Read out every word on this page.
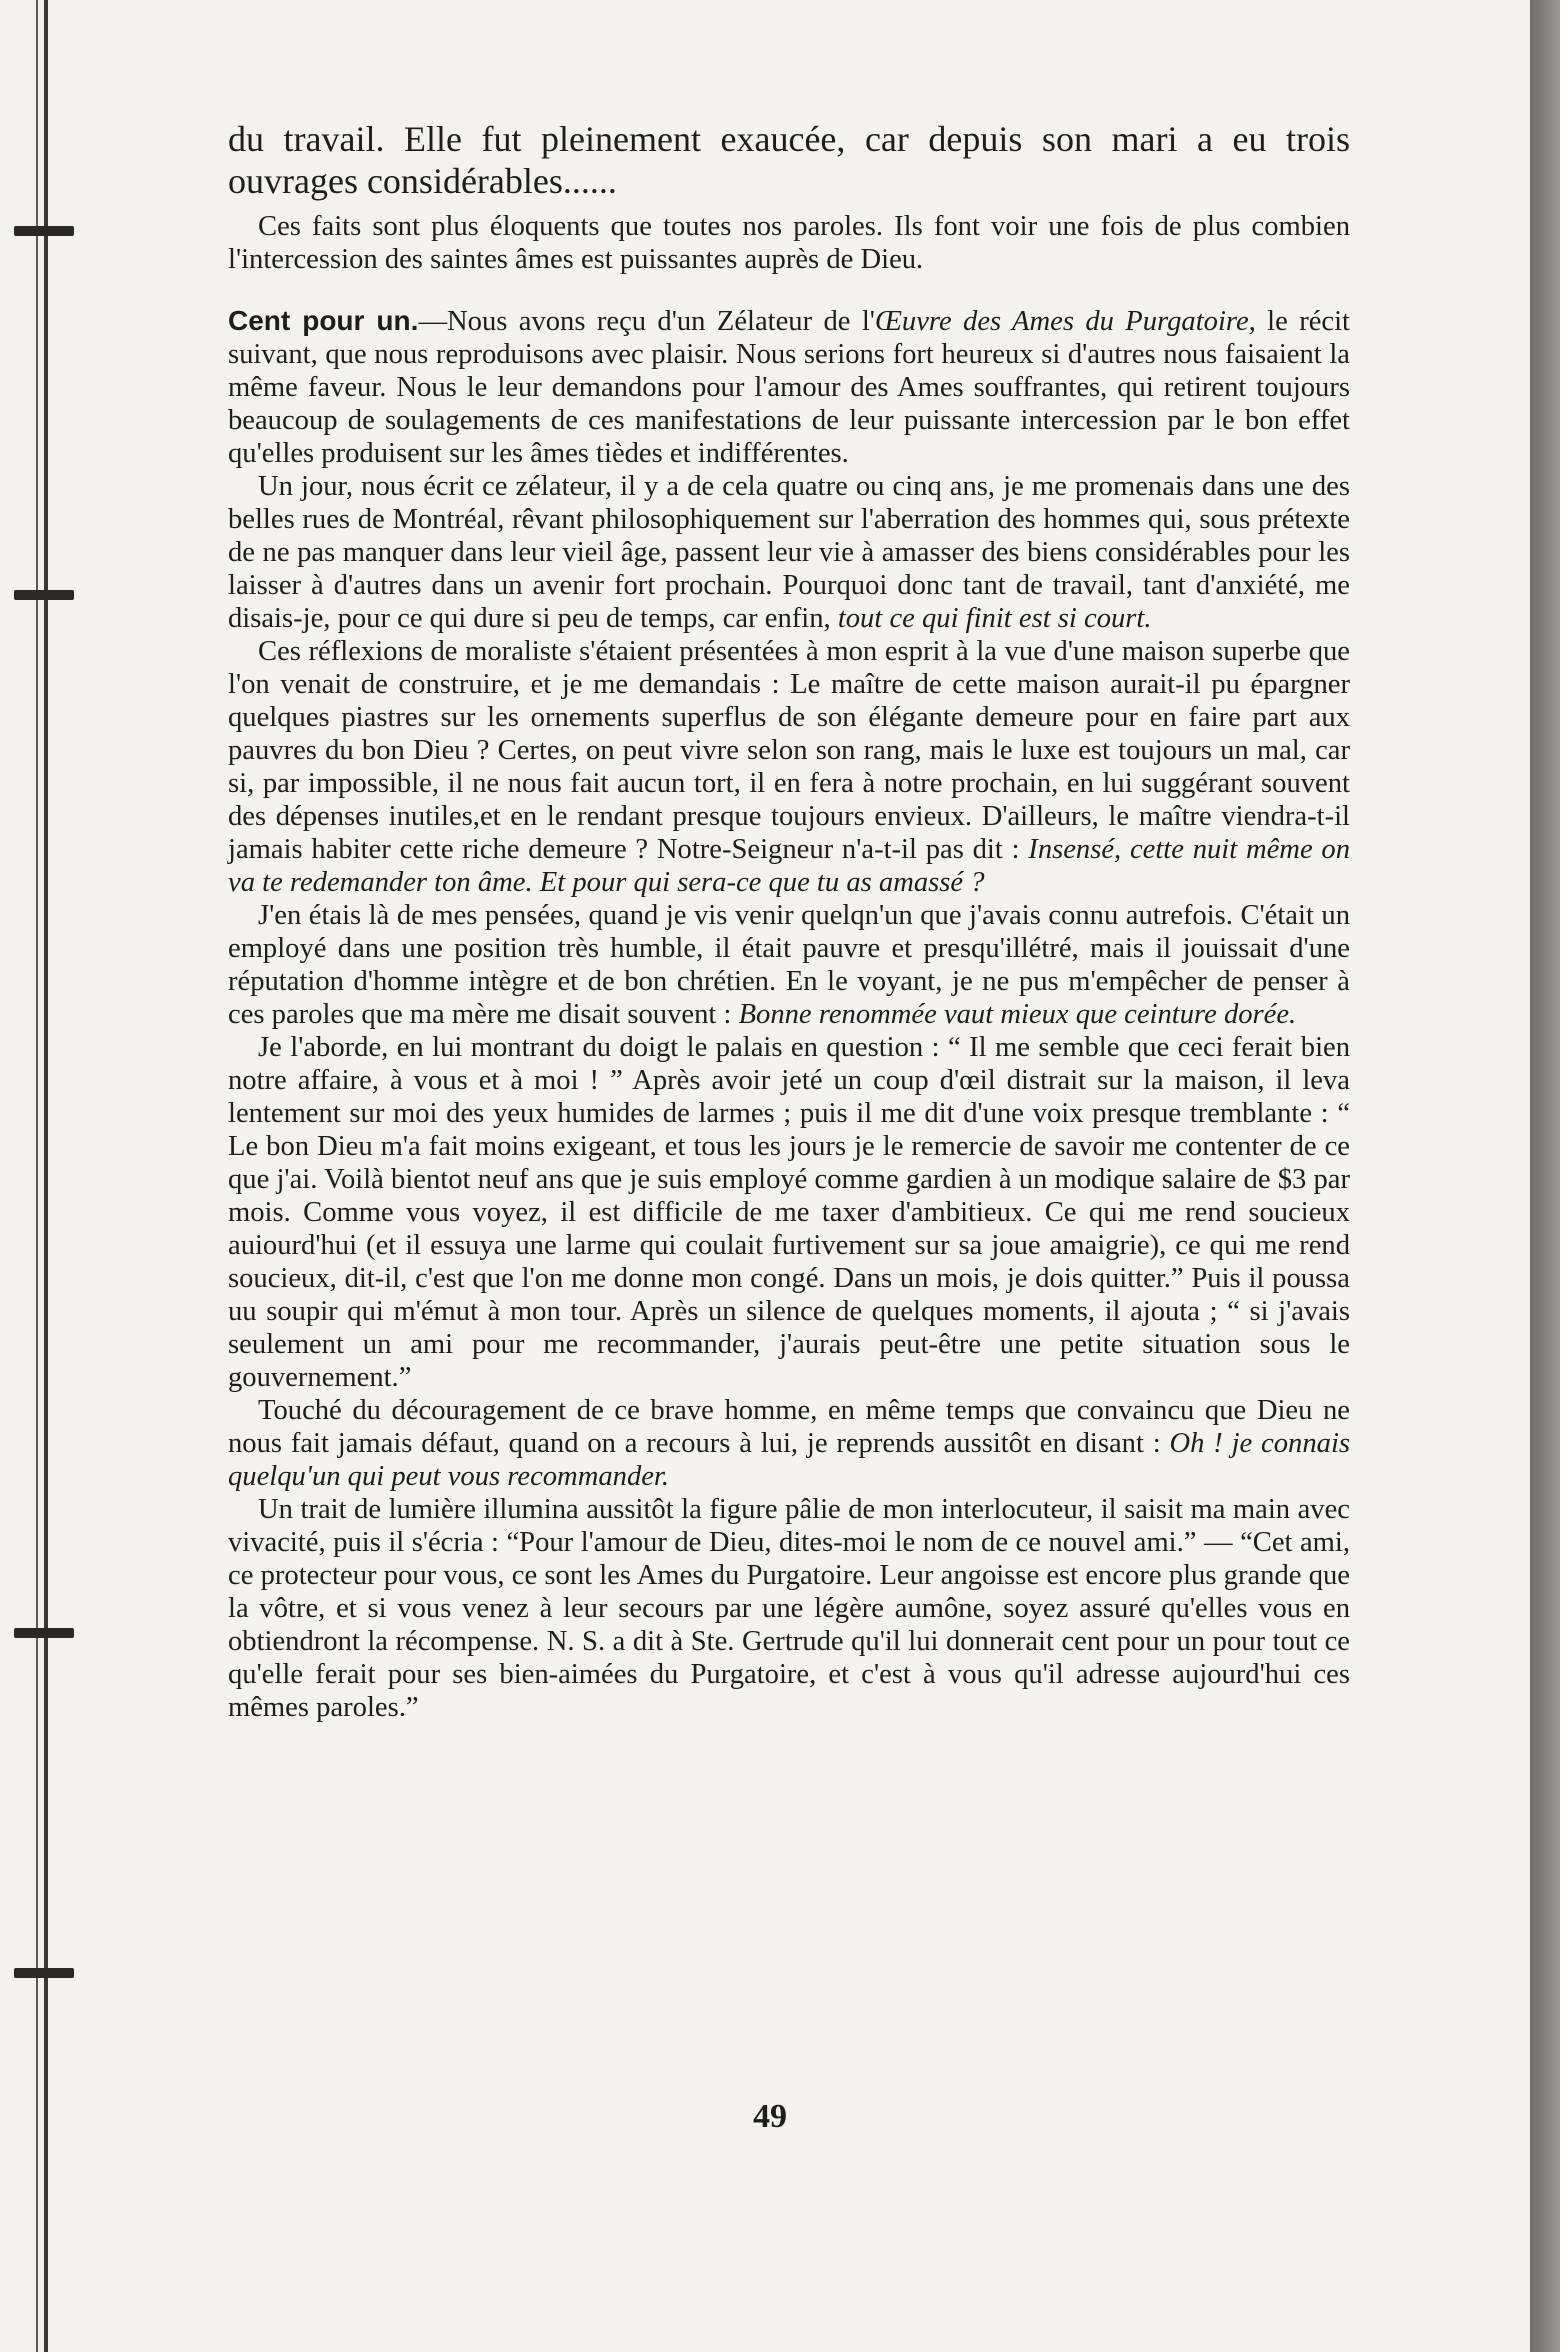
du travail. Elle fut pleinement exaucée, car depuis son mari a eu trois ouvrages considérables......

Ces faits sont plus éloquents que toutes nos paroles. Ils font voir une fois de plus combien l'intercession des saintes âmes est puissantes auprès de Dieu.

Cent pour un.—Nous avons reçu d'un Zélateur de l'Œuvre des Ames du Purgatoire, le récit suivant, que nous reproduisons avec plaisir. Nous serions fort heureux si d'autres nous faisaient la même faveur. Nous le leur demandons pour l'amour des Ames souffrantes, qui retirent toujours beaucoup de soulagements de ces manifestations de leur puissante intercession par le bon effet qu'elles produisent sur les âmes tièdes et indifférentes.

Un jour, nous écrit ce zélateur, il y a de cela quatre ou cinq ans, je me promenais dans une des belles rues de Montréal, rêvant philosophiquement sur l'aberration des hommes qui, sous prétexte de ne pas manquer dans leur vieil âge, passent leur vie à amasser des biens considérables pour les laisser à d'autres dans un avenir fort prochain. Pourquoi donc tant de travail, tant d'anxiété, me disais-je, pour ce qui dure si peu de temps, car enfin, tout ce qui finit est si court.

Ces réflexions de moraliste s'étaient présentées à mon esprit à la vue d'une maison superbe que l'on venait de construire, et je me demandais : Le maître de cette maison aurait-il pu épargner quelques piastres sur les ornements superflus de son élégante demeure pour en faire part aux pauvres du bon Dieu ? Certes, on peut vivre selon son rang, mais le luxe est toujours un mal, car si, par impossible, il ne nous fait aucun tort, il en fera à notre prochain, en lui suggérant souvent des dépenses inutiles,et en le rendant presque toujours envieux. D'ailleurs, le maître viendra-t-il jamais habiter cette riche demeure ? Notre-Seigneur n'a-t-il pas dit : Insensé, cette nuit même on va te redemander ton âme. Et pour qui sera-ce que tu as amassé ?

J'en étais là de mes pensées, quand je vis venir quelqn'un que j'avais connu autrefois. C'était un employé dans une position très humble, il était pauvre et presqu'illétré, mais il jouissait d'une réputation d'homme intègre et de bon chrétien. En le voyant, je ne pus m'empêcher de penser à ces paroles que ma mère me disait souvent : Bonne renommée vaut mieux que ceinture dorée.

Je l'aborde, en lui montrant du doigt le palais en question : “ Il me semble que ceci ferait bien notre affaire, à vous et à moi ! ” Après avoir jeté un coup d'œil distrait sur la maison, il leva lentement sur moi des yeux humides de larmes ; puis il me dit d'une voix presque tremblante : “ Le bon Dieu m'a fait moins exigeant, et tous les jours je le remercie de savoir me contenter de ce que j'ai. Voilà bientot neuf ans que je suis employé comme gardien à un modique salaire de $3 par mois. Comme vous voyez, il est difficile de me taxer d'ambitieux. Ce qui me rend soucieux auiourd'hui (et il essuya une larme qui coulait furtivement sur sa joue amaigrie), ce qui me rend soucieux, dit-il, c'est que l'on me donne mon congé. Dans un mois, je dois quitter.” Puis il poussa uu soupir qui m'émut à mon tour. Après un silence de quelques moments, il ajouta ; “ si j'avais seulement un ami pour me recommander, j'aurais peut-être une petite situation sous le gouvernement.”

Touché du découragement de ce brave homme, en même temps que convaincu que Dieu ne nous fait jamais défaut, quand on a recours à lui, je reprends aussitôt en disant : Oh ! je connais quelqu'un qui peut vous recommander.

Un trait de lumière illumina aussitôt la figure pâlie de mon interlocuteur, il saisit ma main avec vivacité, puis il s'écria : “Pour l'amour de Dieu, dites-moi le nom de ce nouvel ami.” — “Cet ami, ce protecteur pour vous, ce sont les Ames du Purgatoire. Leur angoisse est encore plus grande que la vôtre, et si vous venez à leur secours par une légère aumône, soyez assuré qu'elles vous en obtiendront la récompense. N. S. a dit à Ste. Gertrude qu'il lui donnerait cent pour un pour tout ce qu'elle ferait pour ses bien-aimées du Purgatoire, et c'est à vous qu'il adresse aujourd'hui ces mêmes paroles.”

49
